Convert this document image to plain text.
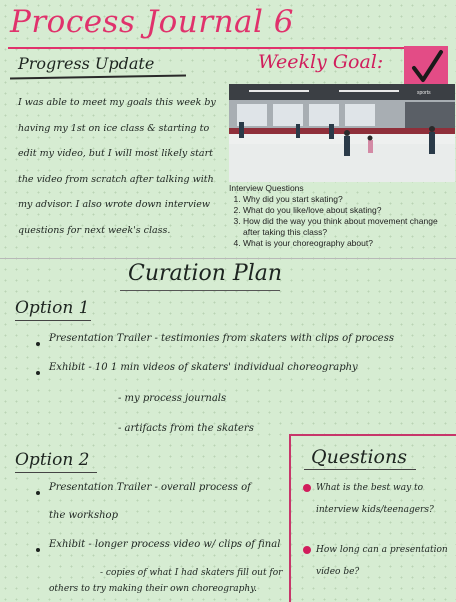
Process Journal 6
Progress Update	Weekly Goal:
I was able to meet my goals this week by having my 1st on ice class & starting to edit my video, but I will most likely start the video from scratch after talking with my advisor. I also wrote down interview questions for next week's class.
sports
Interview Questions
1. Why did you start skating?
2. What do you like/love about skating?
3. How did the way you think about movement change after taking this class?
4. What is your choreography about?
Curation Plan
Option 1
Presentation Trailer - testimonies from skaters with clips of process
Exhibit - 10 1 min videos of skaters' individual choreography
- my process journals
- artifacts from the skaters
Option 2
Presentation Trailer - overall process of
the workshop
Exhibit - longer process video w/ clips of final
- copies of what I had skaters fill out for
others to try making their own choreography.
Questions
What is the best way to
interview kids/teenagers?
How long can a presentation
video be?
